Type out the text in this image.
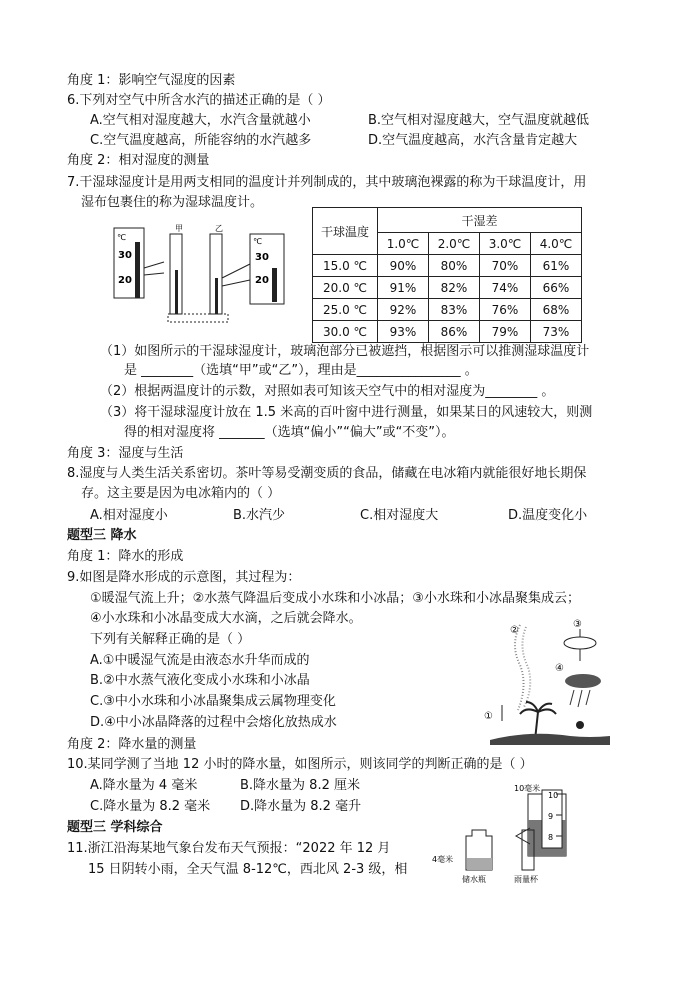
角度 1：影响空气湿度的因素
6.下列对空气中所含水汽的描述正确的是（ ）
A.空气相对湿度越大，水汽含量就越小	B.空气相对湿度越大，空气温度就越低
C.空气温度越高，所能容纳的水汽越多	D.空气温度越高，水汽含量肯定越大
角度 2：相对湿度的测量
7.干湿球湿度计是用两支相同的温度计并列制成的，其中玻璃泡裸露的称为干球温度计，用
湿布包裹住的称为湿球温度计。
℃
30
20
甲	乙
℃
30
20
干球温度	干湿差			
	1.0℃	2.0℃	3.0℃	4.0℃
15.0 ℃	90%	80%	70%	61%
20.0 ℃	91%	82%	74%	66%
25.0 ℃	92%	83%	76%	68%
30.0 ℃	93%	86%	79%	73%
（1）如图所示的干湿球湿度计，玻璃泡部分已被遮挡，根据图示可以推测湿球温度计
是 ________（选填“甲”或“乙”），理由是________________ 。
（2）根据两温度计的示数，对照如表可知该天空气中的相对湿度为________ 。
（3）将干湿球湿度计放在 1.5 米高的百叶窗中进行测量，如果某日的风速较大，则测
得的相对湿度将 _______（选填“偏小”“偏大”或“不变”）。
角度 3：湿度与生活
8.湿度与人类生活关系密切。茶叶等易受潮变质的食品，储藏在电冰箱内就能很好地长期保
存。这主要是因为电冰箱内的（ ）
A.相对湿度小	B.水汽少	C.相对湿度大	D.温度变化小
题型三 降水
角度 1：降水的形成
9.如图是降水形成的示意图，其过程为：
①暖湿气流上升；②水蒸气降温后变成小水珠和小冰晶；③小水珠和小冰晶聚集成云；
④小水珠和小冰晶变成大水滴，之后就会降水。
下列有关解释正确的是（ ）
A.①中暖湿气流是由液态水升华而成的
B.②中水蒸气液化变成小水珠和小冰晶
C.③中小水珠和小冰晶聚集成云属物理变化
D.④中小冰晶降落的过程中会熔化放热成水
②
③
④
①
角度 2：降水量的测量
10.某同学测了当地 12 小时的降水量，如图所示，则该同学的判断正确的是（ ）
A.降水量为 4 毫米	B.降水量为 8.2 厘米
C.降水量为 8.2 毫米 D.降水量为 8.2 毫升
题型三 学科综合
11.浙江沿海某地气象台发布天气预报：“2022 年 12 月
15 日阴转小雨，全天气温 8-12℃，西北风 2-3 级，相
10毫米
10
9
8
4毫米
储水瓶	雨量杯
